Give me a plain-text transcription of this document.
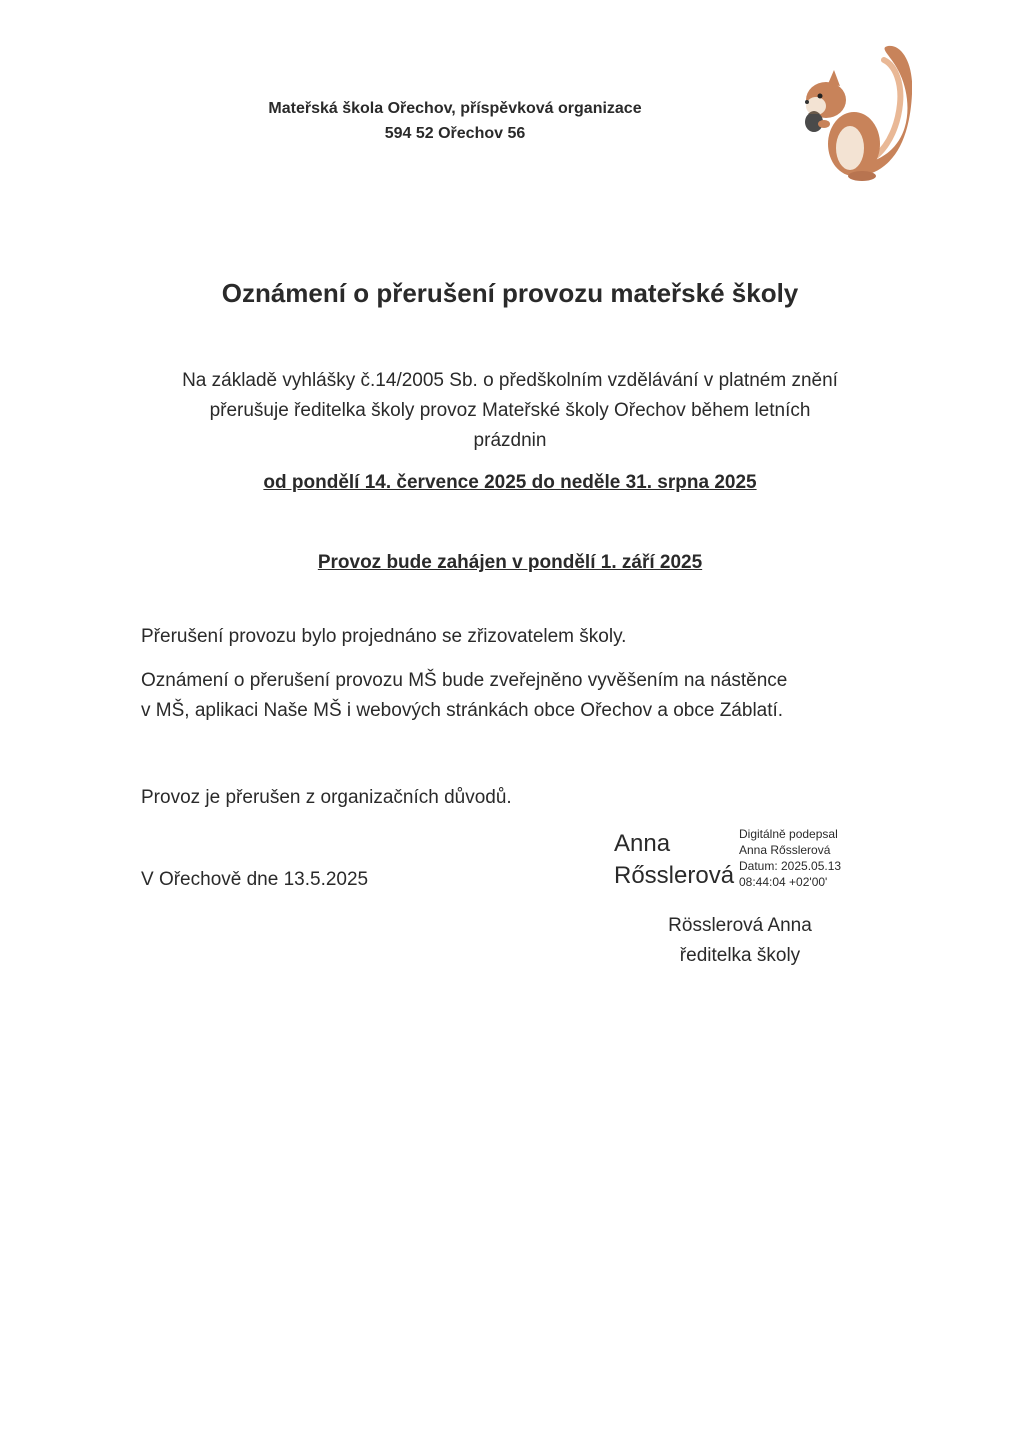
Mateřská škola Ořechov, příspěvková organizace
594 52 Ořechov 56
Oznámení o přerušení provozu mateřské školy
Na základě vyhlášky č.14/2005 Sb. o předškolním vzdělávání v platném znění
přerušuje ředitelka školy provoz Mateřské školy Ořechov během letních
prázdnin
od pondělí 14. července 2025 do neděle 31. srpna 2025
Provoz bude zahájen v pondělí 1. září 2025
Přerušení provozu bylo projednáno se zřizovatelem školy.
Oznámení o přerušení provozu MŠ bude zveřejněno vyvěšením na nástěnce
v MŠ, aplikaci Naše MŠ i webových stránkách obce Ořechov a obce Záblatí.
Provoz je přerušen z organizačních důvodů.
V Ořechově dne 13.5.2025
Anna
Rősslerová
Digitálně podepsal
Anna Rősslerová
Datum: 2025.05.13
08:44:04 +02'00'
Rösslerová Anna
ředitelka školy
